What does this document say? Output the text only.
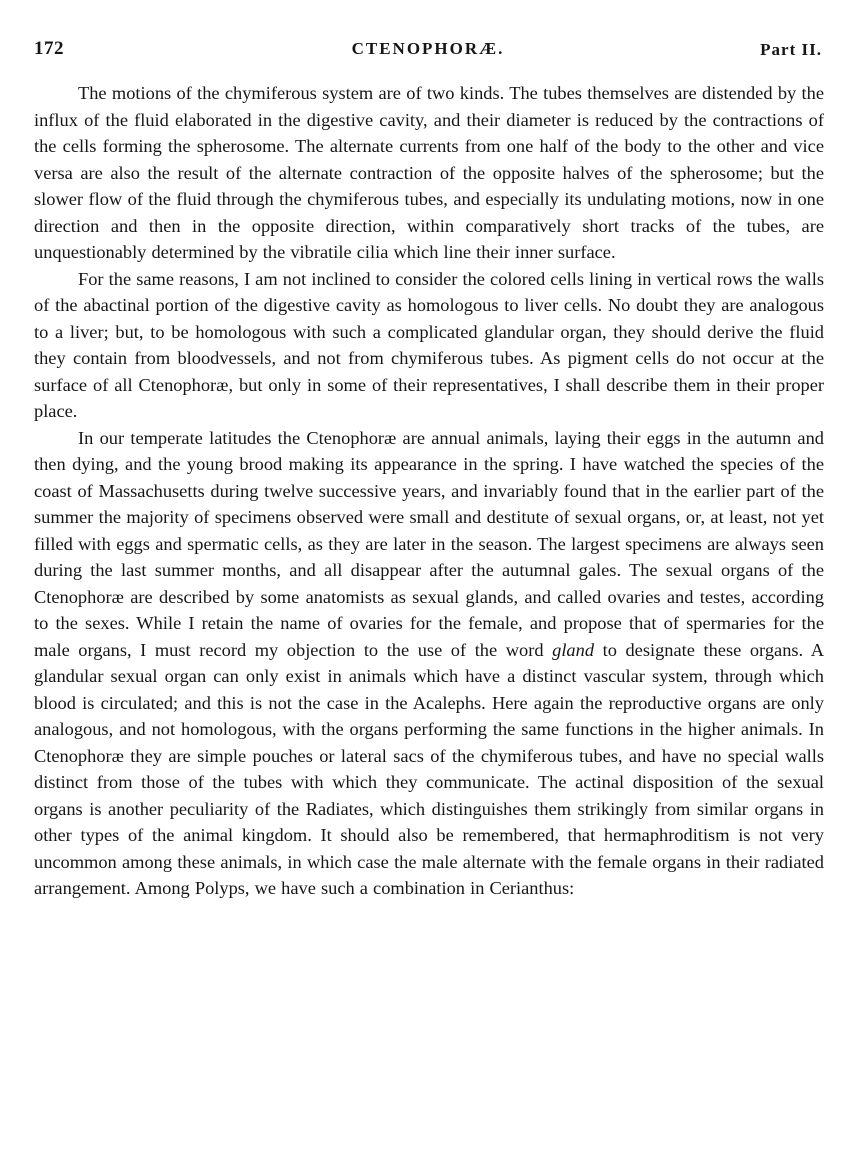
172	CTENOPHORÆ.	Part II.

The motions of the chymiferous system are of two kinds. The tubes themselves are distended by the influx of the fluid elaborated in the digestive cavity, and their diameter is reduced by the contractions of the cells forming the spherosome. The alternate currents from one half of the body to the other and vice versa are also the result of the alternate contraction of the opposite halves of the spherosome; but the slower flow of the fluid through the chymiferous tubes, and especially its undulating motions, now in one direction and then in the opposite direction, within comparatively short tracks of the tubes, are unquestionably determined by the vibratile cilia which line their inner surface.

For the same reasons, I am not inclined to consider the colored cells lining in vertical rows the walls of the abactinal portion of the digestive cavity as homologous to liver cells. No doubt they are analogous to a liver; but, to be homologous with such a complicated glandular organ, they should derive the fluid they contain from bloodvessels, and not from chymiferous tubes. As pigment cells do not occur at the surface of all Ctenophoræ, but only in some of their representatives, I shall describe them in their proper place.

In our temperate latitudes the Ctenophoræ are annual animals, laying their eggs in the autumn and then dying, and the young brood making its appearance in the spring. I have watched the species of the coast of Massachusetts during twelve successive years, and invariably found that in the earlier part of the summer the majority of specimens observed were small and destitute of sexual organs, or, at least, not yet filled with eggs and spermatic cells, as they are later in the season. The largest specimens are always seen during the last summer months, and all disappear after the autumnal gales. The sexual organs of the Ctenophoræ are described by some anatomists as sexual glands, and called ovaries and testes, according to the sexes. While I retain the name of ovaries for the female, and propose that of spermaries for the male organs, I must record my objection to the use of the word gland to designate these organs. A glandular sexual organ can only exist in animals which have a distinct vascular system, through which blood is circulated; and this is not the case in the Acalephs. Here again the reproductive organs are only analogous, and not homologous, with the organs performing the same functions in the higher animals. In Ctenophoræ they are simple pouches or lateral sacs of the chymiferous tubes, and have no special walls distinct from those of the tubes with which they communicate. The actinal disposition of the sexual organs is another peculiarity of the Radiates, which distinguishes them strikingly from similar organs in other types of the animal kingdom. It should also be remembered, that hermaphroditism is not very uncommon among these animals, in which case the male alternate with the female organs in their radiated arrangement. Among Polyps, we have such a combination in Cerianthus:
